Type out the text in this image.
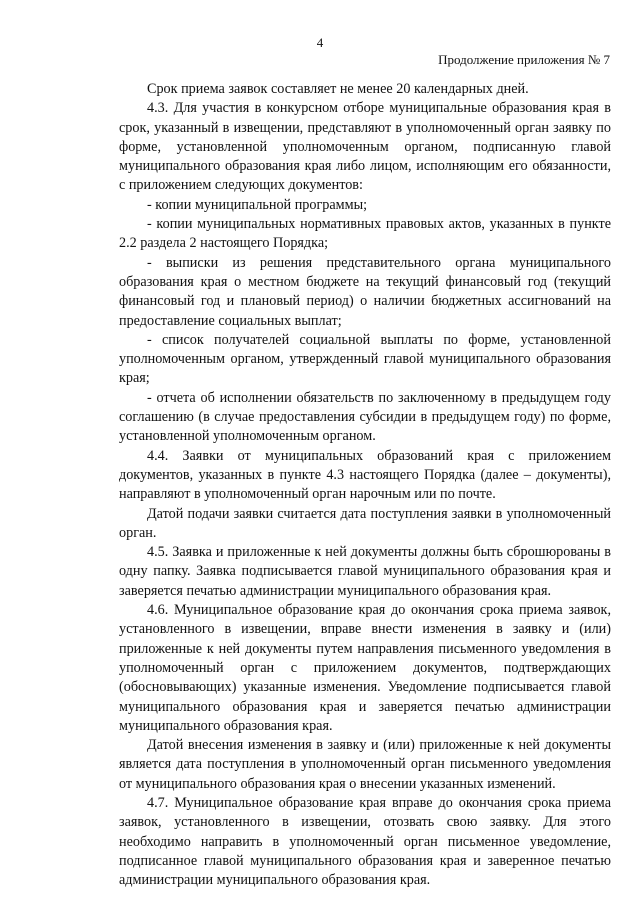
4
Продолжение приложения № 7

Срок приема заявок составляет не менее 20 календарных дней.

4.3. Для участия в конкурсном отборе муниципальные образования края в срок, указанный в извещении, представляют в уполномоченный орган заявку по форме, установленной уполномоченным органом, подписанную главой муниципального образования края либо лицом, исполняющим его обязанности, с приложением следующих документов:

- копии муниципальной программы;

- копии муниципальных нормативных правовых актов, указанных в пункте 2.2 раздела 2 настоящего Порядка;

- выписки из решения представительного органа муниципального образования края о местном бюджете на текущий финансовый год (текущий финансовый год и плановый период) о наличии бюджетных ассигнований на предоставление социальных выплат;

- список получателей социальной выплаты по форме, установленной уполномоченным органом, утвержденный главой муниципального образования края;

- отчета об исполнении обязательств по заключенному в предыдущем году соглашению (в случае предоставления субсидии в предыдущем году) по форме, установленной уполномоченным органом.

4.4. Заявки от муниципальных образований края с приложением документов, указанных в пункте 4.3 настоящего Порядка (далее – документы), направляют в уполномоченный орган нарочным или по почте.

Датой подачи заявки считается дата поступления заявки в уполномоченный орган.

4.5. Заявка и приложенные к ней документы должны быть сброшюрованы в одну папку. Заявка подписывается главой муниципального образования края и заверяется печатью администрации муниципального образования края.

4.6. Муниципальное образование края до окончания срока приема заявок, установленного в извещении, вправе внести изменения в заявку и (или) приложенные к ней документы путем направления письменного уведомления в уполномоченный орган с приложением документов, подтверждающих (обосновывающих) указанные изменения. Уведомление подписывается главой муниципального образования края и заверяется печатью администрации муниципального образования края.

Датой внесения изменения в заявку и (или) приложенные к ней документы является дата поступления в уполномоченный орган письменного уведомления от муниципального образования края о внесении указанных изменений.

4.7. Муниципальное образование края вправе до окончания срока приема заявок, установленного в извещении, отозвать свою заявку. Для этого необходимо направить в уполномоченный орган письменное уведомление, подписанное главой муниципального образования края и заверенное печатью администрации муниципального образования края.
